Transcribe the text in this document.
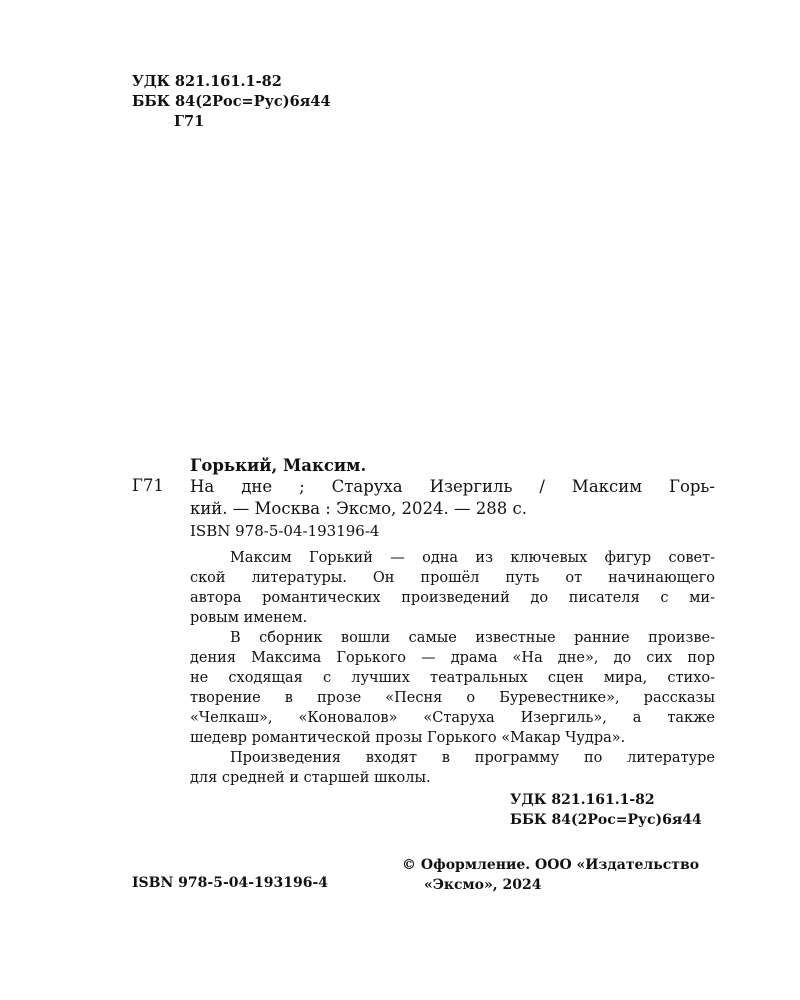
УДК 821.161.1-82
ББК 84(2Рос=Рус)6я44
Г71
Горький, Максим.
Г71 На дне ; Старуха Изергиль / Максим Горь-
кий. — Москва : Эксмо, 2024. — 288 с.
ISBN 978-5-04-193196-4
Максим Горький — одна из ключевых фигур совет-
ской литературы. Он прошёл путь от начинающего
автора романтических произведений до писателя с ми-
ровым именем.
В сборник вошли самые известные ранние произве-
дения Максима Горького — драма «На дне», до сих пор
не сходящая с лучших театральных сцен мира, стихо-
творение в прозе «Песня о Буревестнике», рассказы
«Челкаш», «Коновалов» «Старуха Изергиль», а также
шедевр романтической прозы Горького «Макар Чудра».
Произведения входят в программу по литературе
для средней и старшей школы.
УДК 821.161.1-82
ББК 84(2Рос=Рус)6я44
© Оформление. ООО «Издательство
«Эксмо», 2024
ISBN 978-5-04-193196-4
